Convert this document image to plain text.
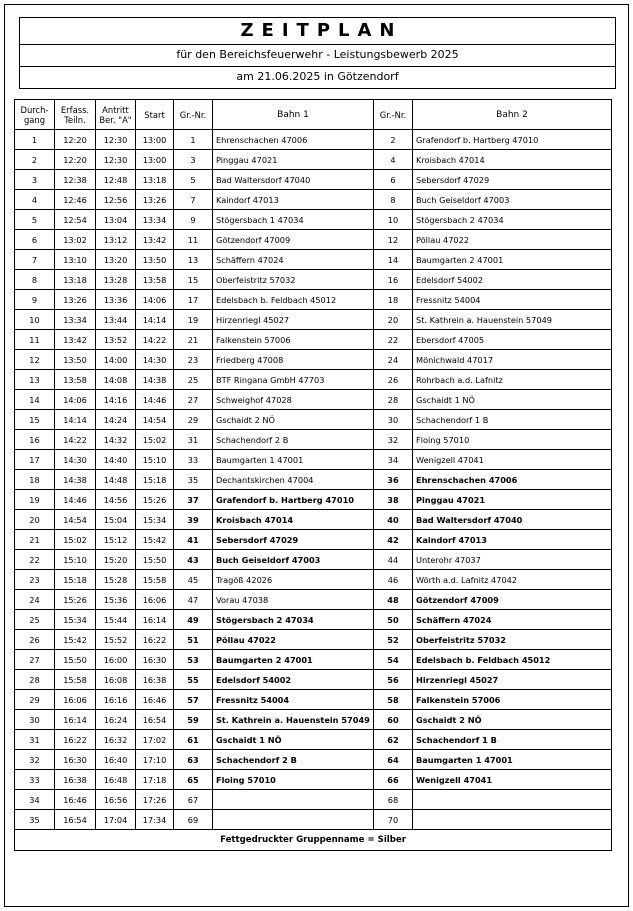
ZEITPLAN
für den Bereichsfeuerwehr - Leistungsbewerb 2025
am 21.06.2025 in Götzendorf
Durch-gang	Erfass. Teiln.	Antritt Ber. "A"	Start	Gr.-Nr.	Bahn 1	Gr.-Nr.	Bahn 2
1	12:20	12:30	13:00	1	Ehrenschachen 47006	2	Grafendorf b. Hartberg 47010
2	12:20	12:30	13:00	3	Pinggau 47021	4	Kroisbach 47014
3	12:38	12:48	13:18	5	Bad Waltersdorf 47040	6	Sebersdorf 47029
4	12:46	12:56	13:26	7	Kaindorf 47013	8	Buch Geiseldorf 47003
5	12:54	13:04	13:34	9	Stögersbach 1 47034	10	Stögersbach 2 47034
6	13:02	13:12	13:42	11	Götzendorf 47009	12	Pöllau 47022
7	13:10	13:20	13:50	13	Schäffern 47024	14	Baumgarten 2 47001
8	13:18	13:28	13:58	15	Oberfeistritz 57032	16	Edelsdorf 54002
9	13:26	13:36	14:06	17	Edelsbach b. Feldbach 45012	18	Fressnitz 54004
10	13:34	13:44	14:14	19	Hirzenriegl 45027	20	St. Kathrein a. Hauenstein 57049
11	13:42	13:52	14:22	21	Falkenstein 57006	22	Ebersdorf 47005
12	13:50	14:00	14:30	23	Friedberg 47008	24	Mönichwald 47017
13	13:58	14:08	14:38	25	BTF Ringana GmbH 47703	26	Rohrbach a.d. Lafnitz
14	14:06	14:16	14:46	27	Schweighof 47028	28	Gschaidt 1 NÖ
15	14:14	14:24	14:54	29	Gschaidt 2 NÖ	30	Schachendorf 1 B
16	14:22	14:32	15:02	31	Schachendorf 2 B	32	Floing 57010
17	14:30	14:40	15:10	33	Baumgarten 1 47001	34	Wenigzell 47041
18	14:38	14:48	15:18	35	Dechantskirchen 47004	36	Ehrenschachen 47006
19	14:46	14:56	15:26	37	Grafendorf b. Hartberg 47010	38	Pinggau 47021
20	14:54	15:04	15:34	39	Kroisbach 47014	40	Bad Waltersdorf 47040
21	15:02	15:12	15:42	41	Sebersdorf 47029	42	Kaindorf 47013
22	15:10	15:20	15:50	43	Buch Geiseldorf 47003	44	Unterohr 47037
23	15:18	15:28	15:58	45	Tragöß 42026	46	Wörth a.d. Lafnitz 47042
24	15:26	15:36	16:06	47	Vorau 47038	48	Götzendorf 47009
25	15:34	15:44	16:14	49	Stögersbach 2 47034	50	Schäffern 47024
26	15:42	15:52	16:22	51	Pöllau 47022	52	Oberfeistritz 57032
27	15:50	16:00	16:30	53	Baumgarten 2 47001	54	Edelsbach b. Feldbach 45012
28	15:58	16:08	16:38	55	Edelsdorf 54002	56	Hirzenriegl 45027
29	16:06	16:16	16:46	57	Fressnitz 54004	58	Falkenstein 57006
30	16:14	16:24	16:54	59	St. Kathrein a. Hauenstein 57049	60	Gschaidt 2 NÖ
31	16:22	16:32	17:02	61	Gschaidt 1 NÖ	62	Schachendorf 1 B
32	16:30	16:40	17:10	63	Schachendorf 2 B	64	Baumgarten 1 47001
33	16:38	16:48	17:18	65	Floing 57010	66	Wenigzell 47041
34	16:46	16:56	17:26	67		68	
35	16:54	17:04	17:34	69		70	
Fettgedruckter Gruppenname = Silber							
